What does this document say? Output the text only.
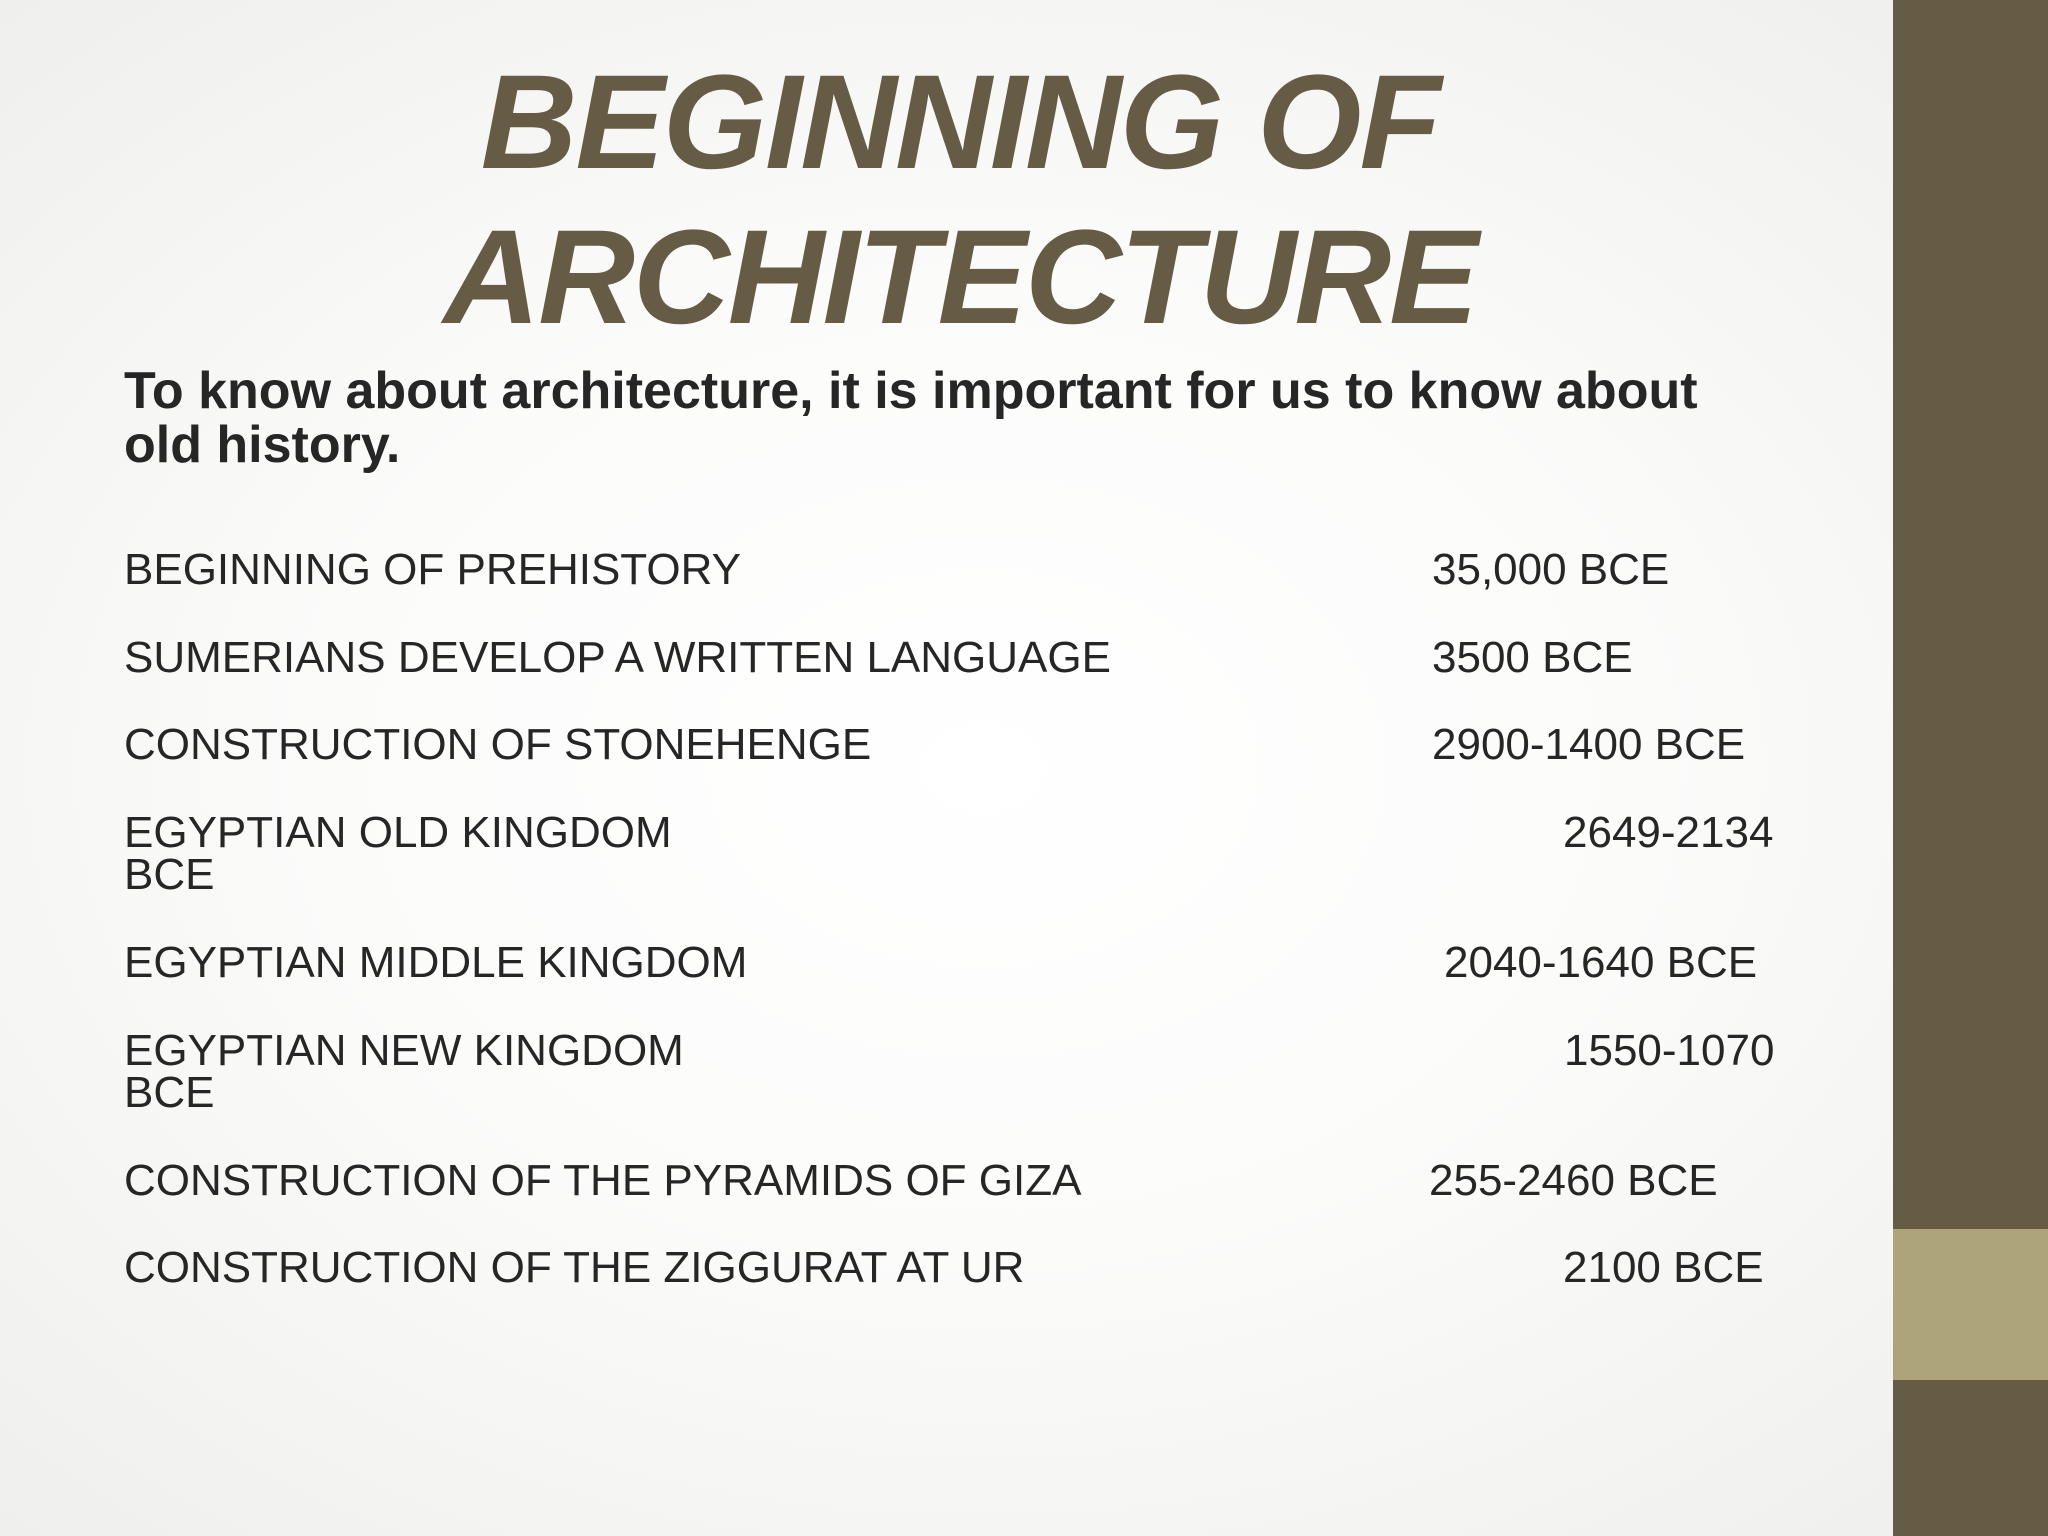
BEGINNING OF
ARCHITECTURE

To know about architecture, it is important for us to know about old history.

BEGINNING OF PREHISTORY	35,000 BCE
SUMERIANS DEVELOP A WRITTEN LANGUAGE	3500 BCE
CONSTRUCTION OF STONEHENGE	2900-1400 BCE
EGYPTIAN OLD KINGDOM	2649-2134
BCE
EGYPTIAN MIDDLE KINGDOM	2040-1640 BCE
EGYPTIAN NEW KINGDOM	1550-1070
BCE
CONSTRUCTION OF THE PYRAMIDS OF GIZA	255-2460 BCE
CONSTRUCTION OF THE ZIGGURAT AT UR	2100 BCE
